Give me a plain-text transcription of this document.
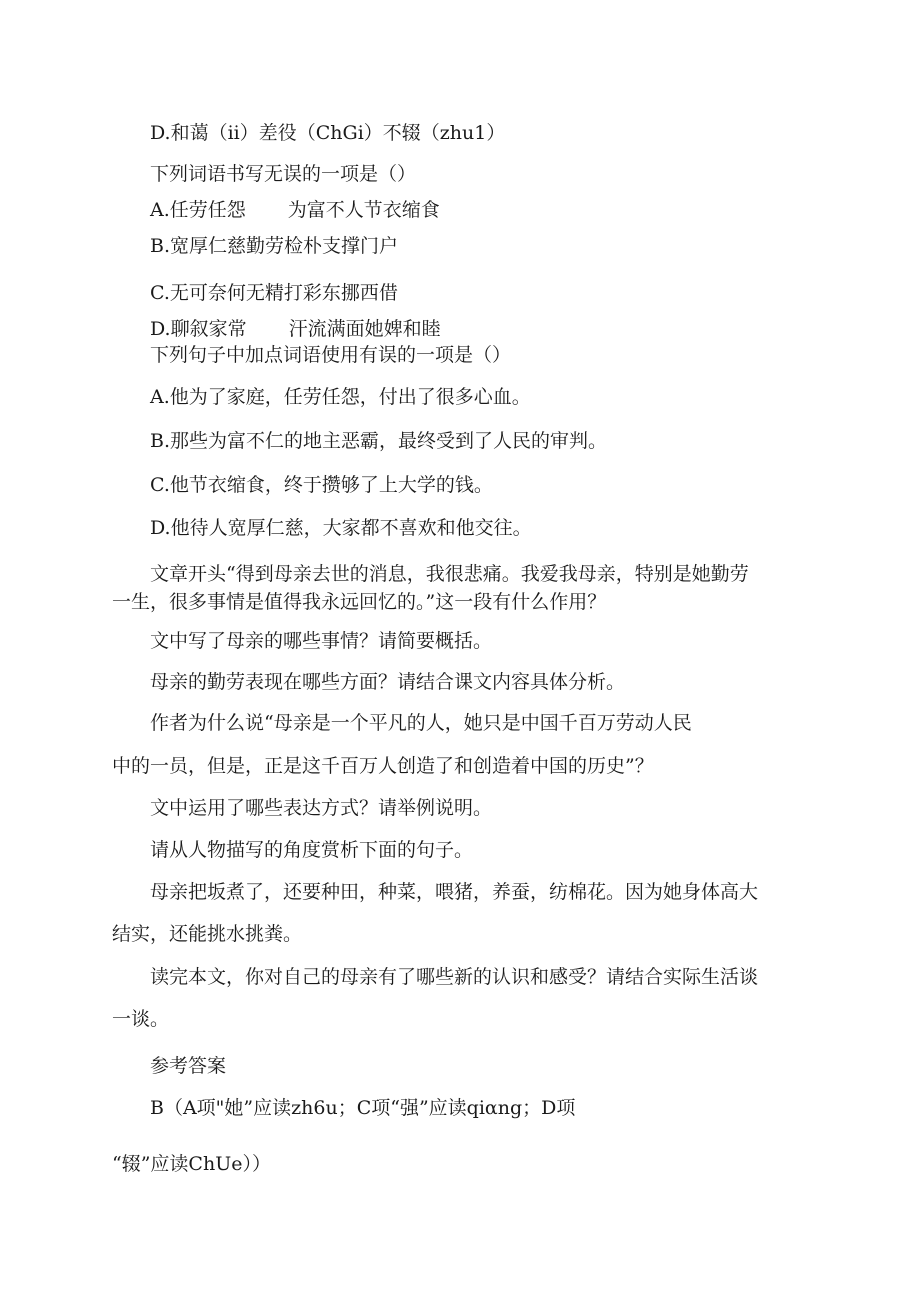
D.和蔼（ii）差役（ChGi）不辍（zhu1）

下列词语书写无误的一项是（）

A.任劳任怨 为富不人节衣缩食

B.宽厚仁慈勤劳检朴支撑门户

C.无可奈何无精打彩东挪西借

D.聊叙家常 汗流满面她婢和睦

下列句子中加点词语使用有误的一项是（）

A.他为了家庭，任劳任怨，付出了很多心血。

B.那些为富不仁的地主恶霸，最终受到了人民的审判。

C.他节衣缩食，终于攒够了上大学的钱。

D.他待人宽厚仁慈，大家都不喜欢和他交往。

文章开头“得到母亲去世的消息，我很悲痛。我爱我母亲，特别是她勤劳

一生，很多事情是值得我永远回忆的。”这一段有什么作用？

文中写了母亲的哪些事情？请简要概括。

母亲的勤劳表现在哪些方面？请结合课文内容具体分析。

作者为什么说“母亲是一个平凡的人，她只是中国千百万劳动人民

中的一员，但是，正是这千百万人创造了和创造着中国的历史”？

文中运用了哪些表达方式？请举例说明。

请从人物描写的角度赏析下面的句子。

母亲把坂煮了，还要种田，种菜，喂猪，养蚕，纺棉花。因为她身体高大

结实，还能挑水挑粪。

读完本文，你对自己的母亲有了哪些新的认识和感受？请结合实际生活谈

一谈。

参考答案

B（A项"她”应读zh6u；C项“强”应读qiαng；D项

“辍”应读ChUe））
